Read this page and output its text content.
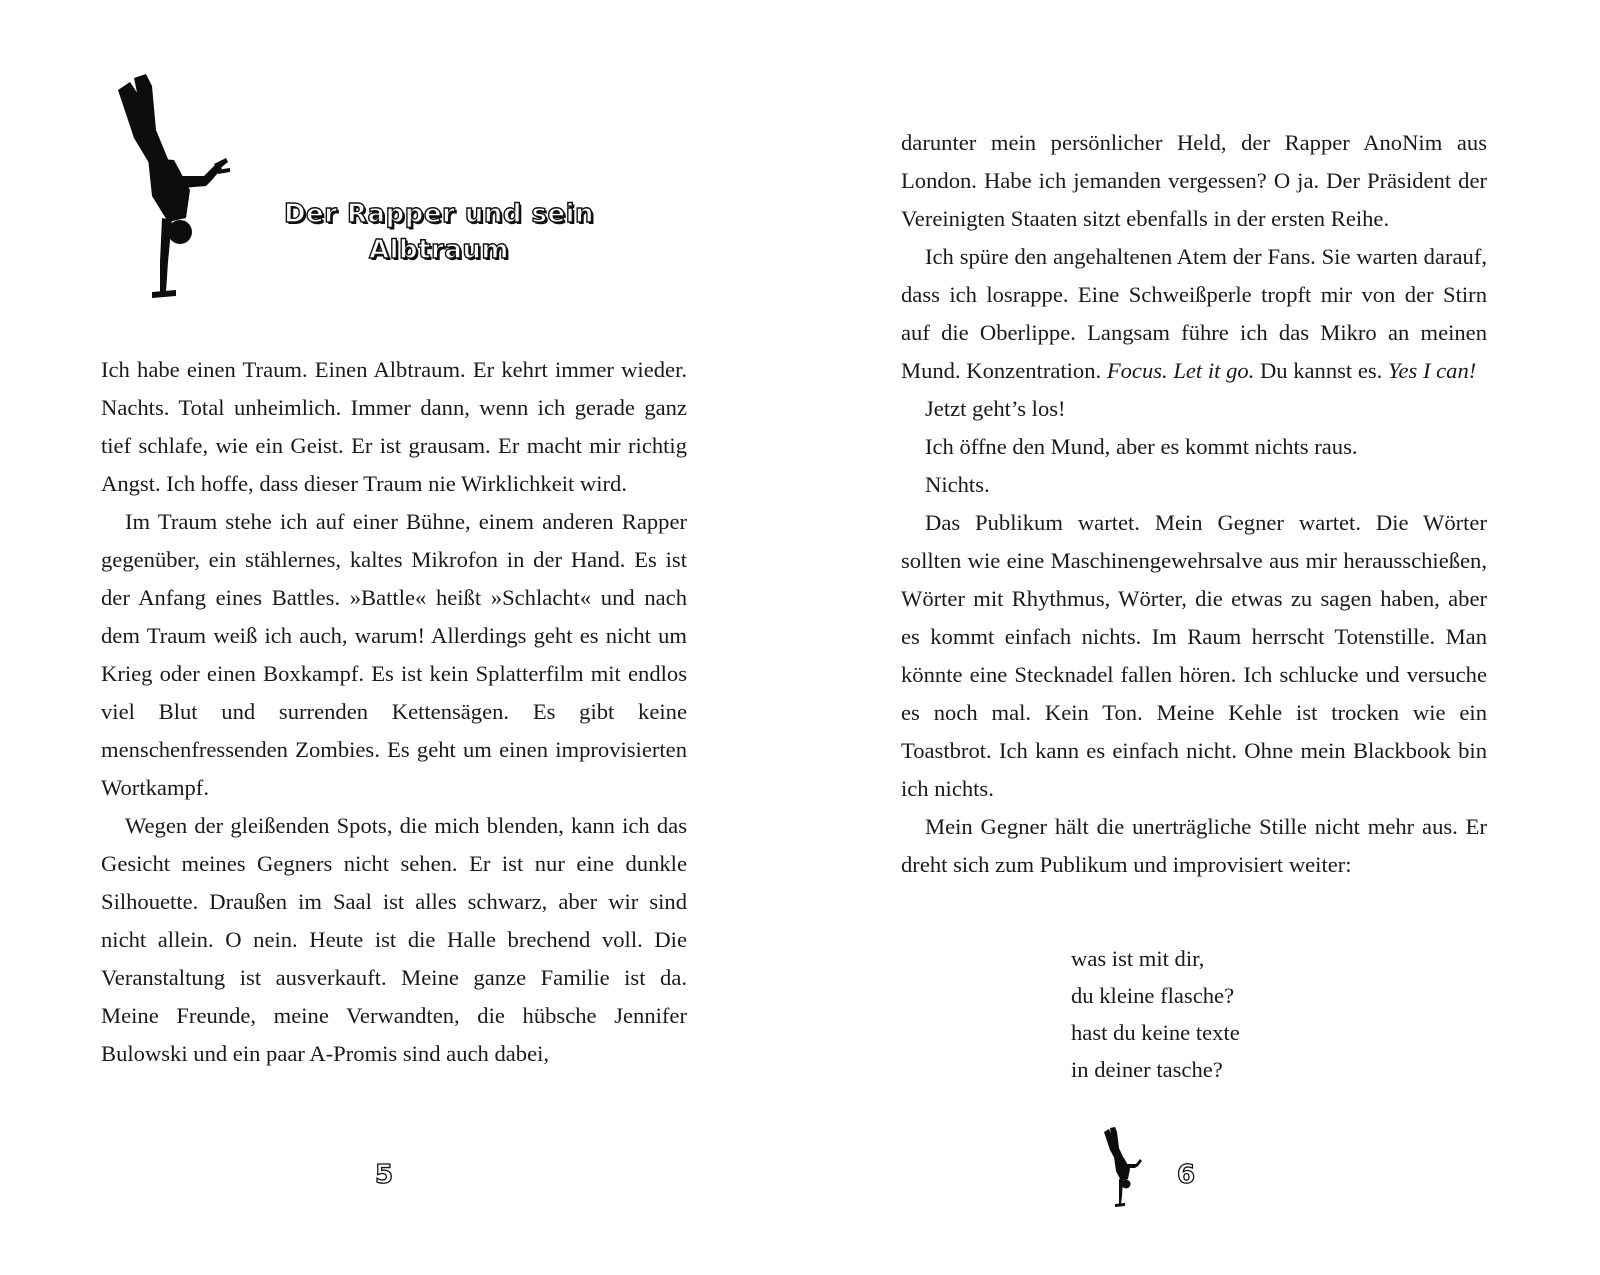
Der Rapper und sein
Albtraum

Ich habe einen Traum. Einen Albtraum. Er kehrt immer wieder. Nachts. Total unheimlich. Immer dann, wenn ich gerade ganz tief schlafe, wie ein Geist. Er ist grausam. Er macht mir richtig Angst. Ich hoffe, dass dieser Traum nie Wirklichkeit wird.

Im Traum stehe ich auf einer Bühne, einem anderen Rapper gegenüber, ein stählernes, kaltes Mikrofon in der Hand. Es ist der Anfang eines Battles. »Battle« heißt »Schlacht« und nach dem Traum weiß ich auch, warum! Allerdings geht es nicht um Krieg oder einen Boxkampf. Es ist kein Splatterfilm mit endlos viel Blut und surrenden Kettensägen. Es gibt keine menschenfressenden Zombies. Es geht um einen improvisierten Wortkampf.

Wegen der gleißenden Spots, die mich blenden, kann ich das Gesicht meines Gegners nicht sehen. Er ist nur eine dunkle Silhouette. Draußen im Saal ist alles schwarz, aber wir sind nicht allein. O nein. Heute ist die Halle brechend voll. Die Veranstaltung ist ausverkauft. Meine ganze Familie ist da. Meine Freunde, meine Verwandten, die hübsche Jennifer Bulowski und ein paar A-Promis sind auch dabei,

5

darunter mein persönlicher Held, der Rapper AnoNim aus London. Habe ich jemanden vergessen? O ja. Der Präsident der Vereinigten Staaten sitzt ebenfalls in der ersten Reihe.

Ich spüre den angehaltenen Atem der Fans. Sie warten darauf, dass ich losrappe. Eine Schweißperle tropft mir von der Stirn auf die Oberlippe. Langsam führe ich das Mikro an meinen Mund. Konzentration. Focus. Let it go. Du kannst es. Yes I can!

Jetzt geht’s los!

Ich öffne den Mund, aber es kommt nichts raus.

Nichts.

Das Publikum wartet. Mein Gegner wartet. Die Wörter sollten wie eine Maschinengewehrsalve aus mir herausschießen, Wörter mit Rhythmus, Wörter, die etwas zu sagen haben, aber es kommt einfach nichts. Im Raum herrscht Totenstille. Man könnte eine Stecknadel fallen hören. Ich schlucke und versuche es noch mal. Kein Ton. Meine Kehle ist trocken wie ein Toastbrot. Ich kann es einfach nicht. Ohne mein Blackbook bin ich nichts.

Mein Gegner hält die unerträgliche Stille nicht mehr aus. Er dreht sich zum Publikum und improvisiert weiter:

was ist mit dir,
du kleine flasche?
hast du keine texte
in deiner tasche?
6
